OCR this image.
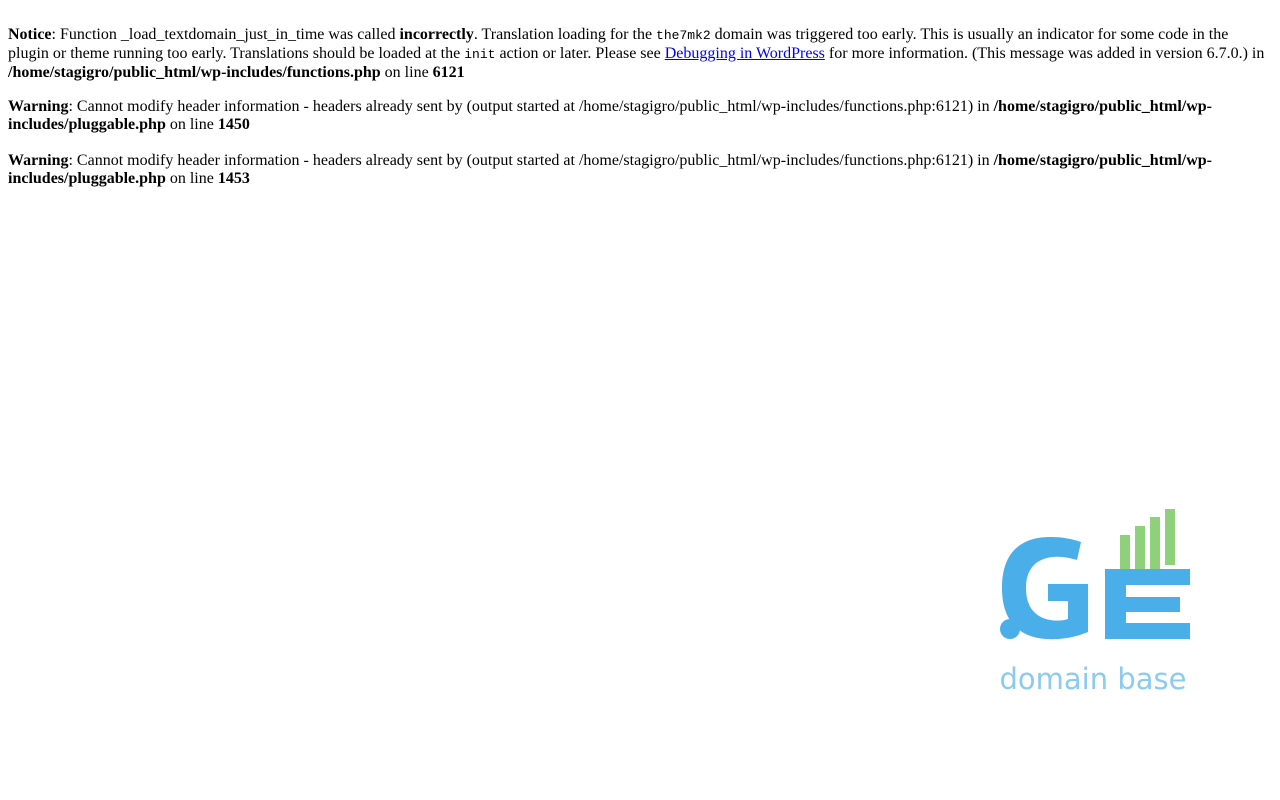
Notice: Function _load_textdomain_just_in_time was called incorrectly. Translation loading for the the7mk2 domain was triggered too early. This is usually an indicator for some code in the plugin or theme running too early. Translations should be loaded at the init action or later. Please see Debugging in WordPress for more information. (This message was added in version 6.7.0.) in /home/stagigro/public_html/wp-includes/functions.php on line 6121

Warning: Cannot modify header information - headers already sent by (output started at /home/stagigro/public_html/wp-includes/functions.php:6121) in /home/stagigro/public_html/wp-includes/pluggable.php on line 1450

Warning: Cannot modify header information - headers already sent by (output started at /home/stagigro/public_html/wp-includes/functions.php:6121) in /home/stagigro/public_html/wp-includes/pluggable.php on line 1453

domain base
